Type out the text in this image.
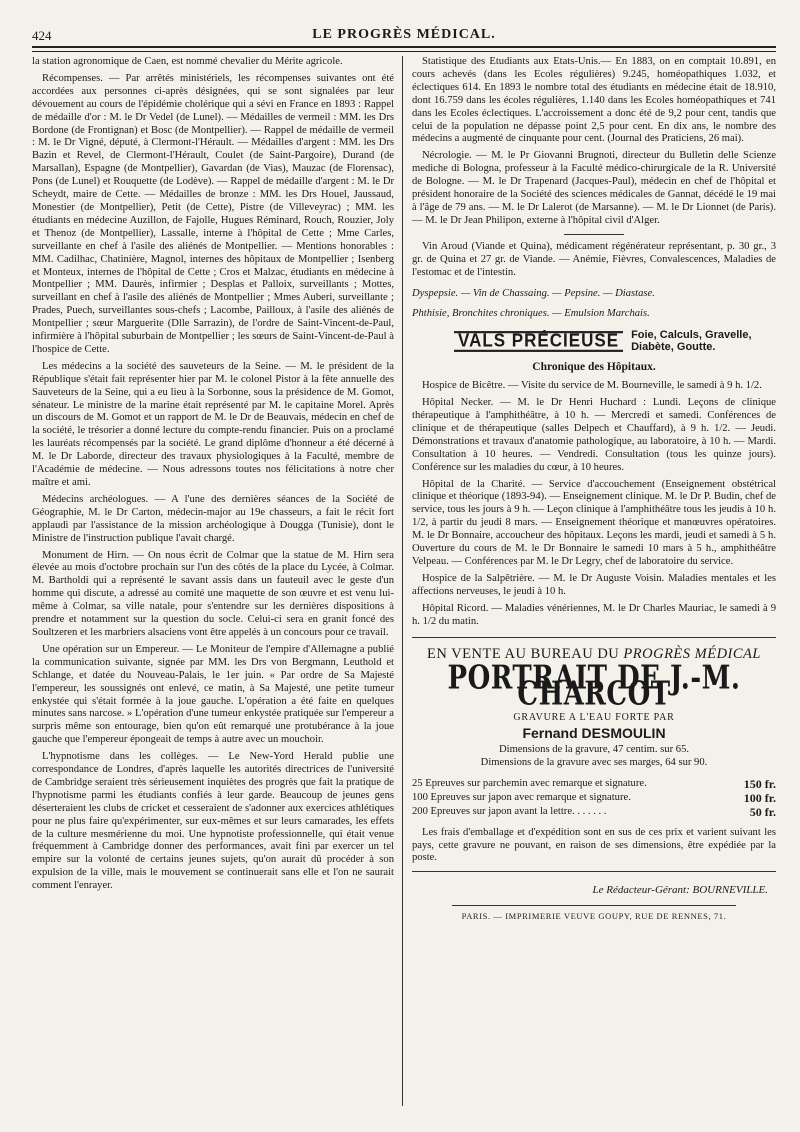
424	LE PROGRÈS MÉDICAL.

la station agronomique de Caen, est nommé chevalier du Mérite agricole.

Récompenses. — Par arrêtés ministériels, les récompenses suivantes ont été accordées aux personnes ci-après désignées, qui se sont signalées par leur dévouement au cours de l'épidémie cholérique qui a sévi en France en 1893 : Rappel de médaille d'or : M. le Dr Vedel (de Lunel). — Médailles de vermeil : MM. les Drs Bordone (de Frontignan) et Bosc (de Montpellier). — Rappel de médaille de vermeil : M. le Dr Vigné, député, à Clermont-l'Hérault. — Médailles d'argent : MM. les Drs Bazin et Revel, de Clermont-l'Hérault, Coulet (de Saint-Pargoire), Durand (de Marsallan), Espagne (de Montpellier), Gavardan (de Vias), Mauzac (de Florensac), Pons (de Lunel) et Rouquette (de Lodève). — Rappel de médaille d'argent : M. le Dr Scheydt, maire de Cette. — Médailles de bronze : MM. les Drs Houel, Jaussaud, Monestier (de Montpellier), Petit (de Cette), Pistre (de Villeveyrac) ; MM. les étudiants en médecine Auzillon, de Fajolle, Hugues Réminard, Rouch, Rouzier, Joly et Thenoz (de Montpellier), Lassalle, interne à l'hôpital de Cette ; Mme Carles, surveillante en chef à l'asile des aliénés de Montpellier. — Mentions honorables : MM. Cadilhac, Chatinière, Magnol, internes des hôpitaux de Montpellier ; Isenberg et Monteux, internes de l'hôpital de Cette ; Cros et Malzac, étudiants en médecine à Montpellier ; MM. Daurès, infirmier ; Desplas et Palloix, surveillants ; Mottes, surveillant en chef à l'asile des aliénés de Montpellier ; Mmes Auberi, surveillante ; Prades, Puech, surveillantes sous-chefs ; Lacombe, Pailloux, à l'asile des aliénés de Montpellier ; sœur Marguerite (Dlle Sarrazin), de l'ordre de Saint-Vincent-de-Paul, infirmière à l'hôpital suburbain de Montpellier ; les sœurs de Saint-Vincent-de-Paul à l'hospice de Cette.

Les médecins a la société des sauveteurs de la Seine. — M. le président de la République s'était fait représenter hier par M. le colonel Pistor à la fête annuelle des Sauveteurs de la Seine, qui a eu lieu à la Sorbonne, sous la présidence de M. Gomot, sénateur. Le ministre de la marine était représenté par M. le capitaine Morel. Après un discours de M. Gomot et un rapport de M. le Dr de Beauvais, médecin en chef de la société, le trésorier a donné lecture du compte-rendu financier. Puis on a proclamé les lauréats récompensés par la société. Le grand diplôme d'honneur a été décerné à M. le Dr Laborde, directeur des travaux physiologiques à la Faculté, membre de l'Académie de médecine. — Nous adressons toutes nos félicitations à notre cher maître et ami.

Médecins archéologues. — A l'une des dernières séances de la Société de Géographie, M. le Dr Carton, médecin-major au 19e chasseurs, a fait le récit fort applaudi par l'assistance de la mission archéologique à Dougga (Tunisie), dont le Ministre de l'instruction publique l'avait chargé.

Monument de Hirn. — On nous écrit de Colmar que la statue de M. Hirn sera élevée au mois d'octobre prochain sur l'un des côtés de la place du Lycée, à Colmar. M. Bartholdi qui a représenté le savant assis dans un fauteuil avec le geste d'un homme qui discute, a adressé au comité une maquette de son œuvre et est venu lui-même à Colmar, sa ville natale, pour s'entendre sur les dernières dispositions à prendre et notamment sur la question du socle. Celui-ci sera en granit foncé des Soultzeren et les marbriers alsaciens vont être appelés à un concours pour ce travail.

Une opération sur un Empereur. — Le Moniteur de l'empire d'Allemagne a publié la communication suivante, signée par MM. les Drs von Bergmann, Leuthold et Schlange, et datée du Nouveau-Palais, le 1er juin. « Par ordre de Sa Majesté l'empereur, les soussignés ont enlevé, ce matin, à Sa Majesté, une petite tumeur enkystée qui s'était formée à la joue gauche. L'opération a été faite en quelques minutes sans narcose. » L'opération d'une tumeur enkystée pratiquée sur l'empereur a surpris même son entourage, bien qu'on eût remarqué une protubérance à la joue gauche que l'empereur épongeait de temps à autre avec un mouchoir.

L'hypnotisme dans les collèges. — Le New-Yord Herald publie une correspondance de Londres, d'après laquelle les autorités directrices de l'université de Cambridge seraient très sérieusement inquiètes des progrès que fait la pratique de l'hypnotisme parmi les étudiants confiés à leur garde. Beaucoup de jeunes gens déserteraient les clubs de cricket et cesseraient de s'adonner aux exercices athlétiques pour ne plus faire qu'expérimenter, sur eux-mêmes et sur leurs camarades, les effets de la culture mesmérienne du moi. Une hypnotiste professionnelle, qui était venue fréquemment à Cambridge donner des performances, avait fini par exercer un tel empire sur la volonté de certains jeunes sujets, qu'on aurait dû procéder à son expulsion de la ville, mais le mouvement se continuerait sans elle et l'on ne saurait comment l'enrayer.

Statistique des Etudiants aux Etats-Unis.— En 1883, on en comptait 10.891, en cours achevés (dans les Ecoles régulières) 9.245, homéopathiques 1.032, et éclectiques 614. En 1893 le nombre total des étudiants en médecine était de 18.910, dont 16.759 dans les écoles régulières, 1.140 dans les Ecoles homéopathiques et 741 dans les Ecoles éclectiques. L'accroissement a donc été de 9,2 pour cent, tandis que celui de la population ne dépasse point 2,5 pour cent. En dix ans, le nombre des médecins a augmenté de cinquante pour cent. (Journal des Praticiens, 26 mai).

Nécrologie. — M. le Pr Giovanni Brugnoti, directeur du Bulletin delle Scienze mediche di Bologna, professeur à la Faculté médico-chirurgicale de la R. Université de Bologne. — M. le Dr Trapenard (Jacques-Paul), médecin en chef de l'hôpital et président honoraire de la Société des sciences médicales de Gannat, décédé le 19 mai à l'âge de 79 ans. — M. le Dr Lalerot (de Marsanne). — M. le Dr Lionnet (de Paris). — M. le Dr Jean Philipon, externe à l'hôpital civil d'Alger.

Vin Aroud (Viande et Quina), médicament régénérateur représentant, p. 30 gr., 3 gr. de Quina et 27 gr. de Viande. — Anémie, Fièvres, Convalescences, Maladies de l'estomac et de l'intestin.

Dyspepsie. — Vin de Chassaing. — Pepsine. — Diastase.

Phthisie, Bronchites chroniques. — Emulsion Marchais.

VALS PRÉCIEUSE	Foie, Calculs, Gravelle,
Diabète, Goutte.
Chronique des Hôpitaux.

Hospice de Bicêtre. — Visite du service de M. Bourneville, le samedi à 9 h. 1/2.

Hôpital Necker. — M. le Dr Henri Huchard : Lundi. Leçons de clinique thérapeutique à l'amphithéâtre, à 10 h. — Mercredi et samedi. Conférences de clinique et de thérapeutique (salles Delpech et Chauffard), à 9 h. 1/2. — Jeudi. Démonstrations et travaux d'anatomie pathologique, au laboratoire, à 10 h. — Mardi. Consultation à 10 heures. — Vendredi. Consultation (tous les quinze jours). Conférence sur les maladies du cœur, à 10 heures.

Hôpital de la Charité. — Service d'accouchement (Enseignement obstétrical clinique et théorique (1893-94). — Enseignement clinique. M. le Dr P. Budin, chef de service, tous les jours à 9 h. — Leçon clinique à l'amphithéâtre tous les jeudis à 10 h. 1/2, à partir du jeudi 8 mars. — Enseignement théorique et manœuvres opératoires. M. le Dr Bonnaire, accoucheur des hôpitaux. Leçons les mardi, jeudi et samedi à 5 h. Ouverture du cours de M. le Dr Bonnaire le samedi 10 mars à 5 h., amphithéâtre Velpeau. — Conférences par M. le Dr Legry, chef de laboratoire du service.

Hospice de la Salpêtrière. — M. le Dr Auguste Voisin. Maladies mentales et les affections nerveuses, le jeudi à 10 h.

Hôpital Ricord. — Maladies vénériennes, M. le Dr Charles Mauriac, le samedi à 9 h. 1/2 du matin.

EN VENTE AU BUREAU DU PROGRÈS MÉDICAL
PORTRAIT DE J.-M. CHARCOT
GRAVURE A L'EAU FORTE PAR
Fernand DESMOULIN
Dimensions de la gravure, 47 centim. sur 65.
Dimensions de la gravure avec ses marges, 64 sur 90.
25 Epreuves sur parchemin avec remarque et signature.	150 fr.
100 Epreuves sur japon avec remarque et signature.	100 fr.
200 Epreuves sur japon avant la lettre. . . . . . .	50 fr.

Les frais d'emballage et d'expédition sont en sus de ces prix et varient suivant les pays, cette gravure ne pouvant, en raison de ses dimensions, être expédiée par la poste.

Le Rédacteur-Gérant: BOURNEVILLE.
PARIS. — IMPRIMERIE VEUVE GOUPY, RUE DE RENNES, 71.
